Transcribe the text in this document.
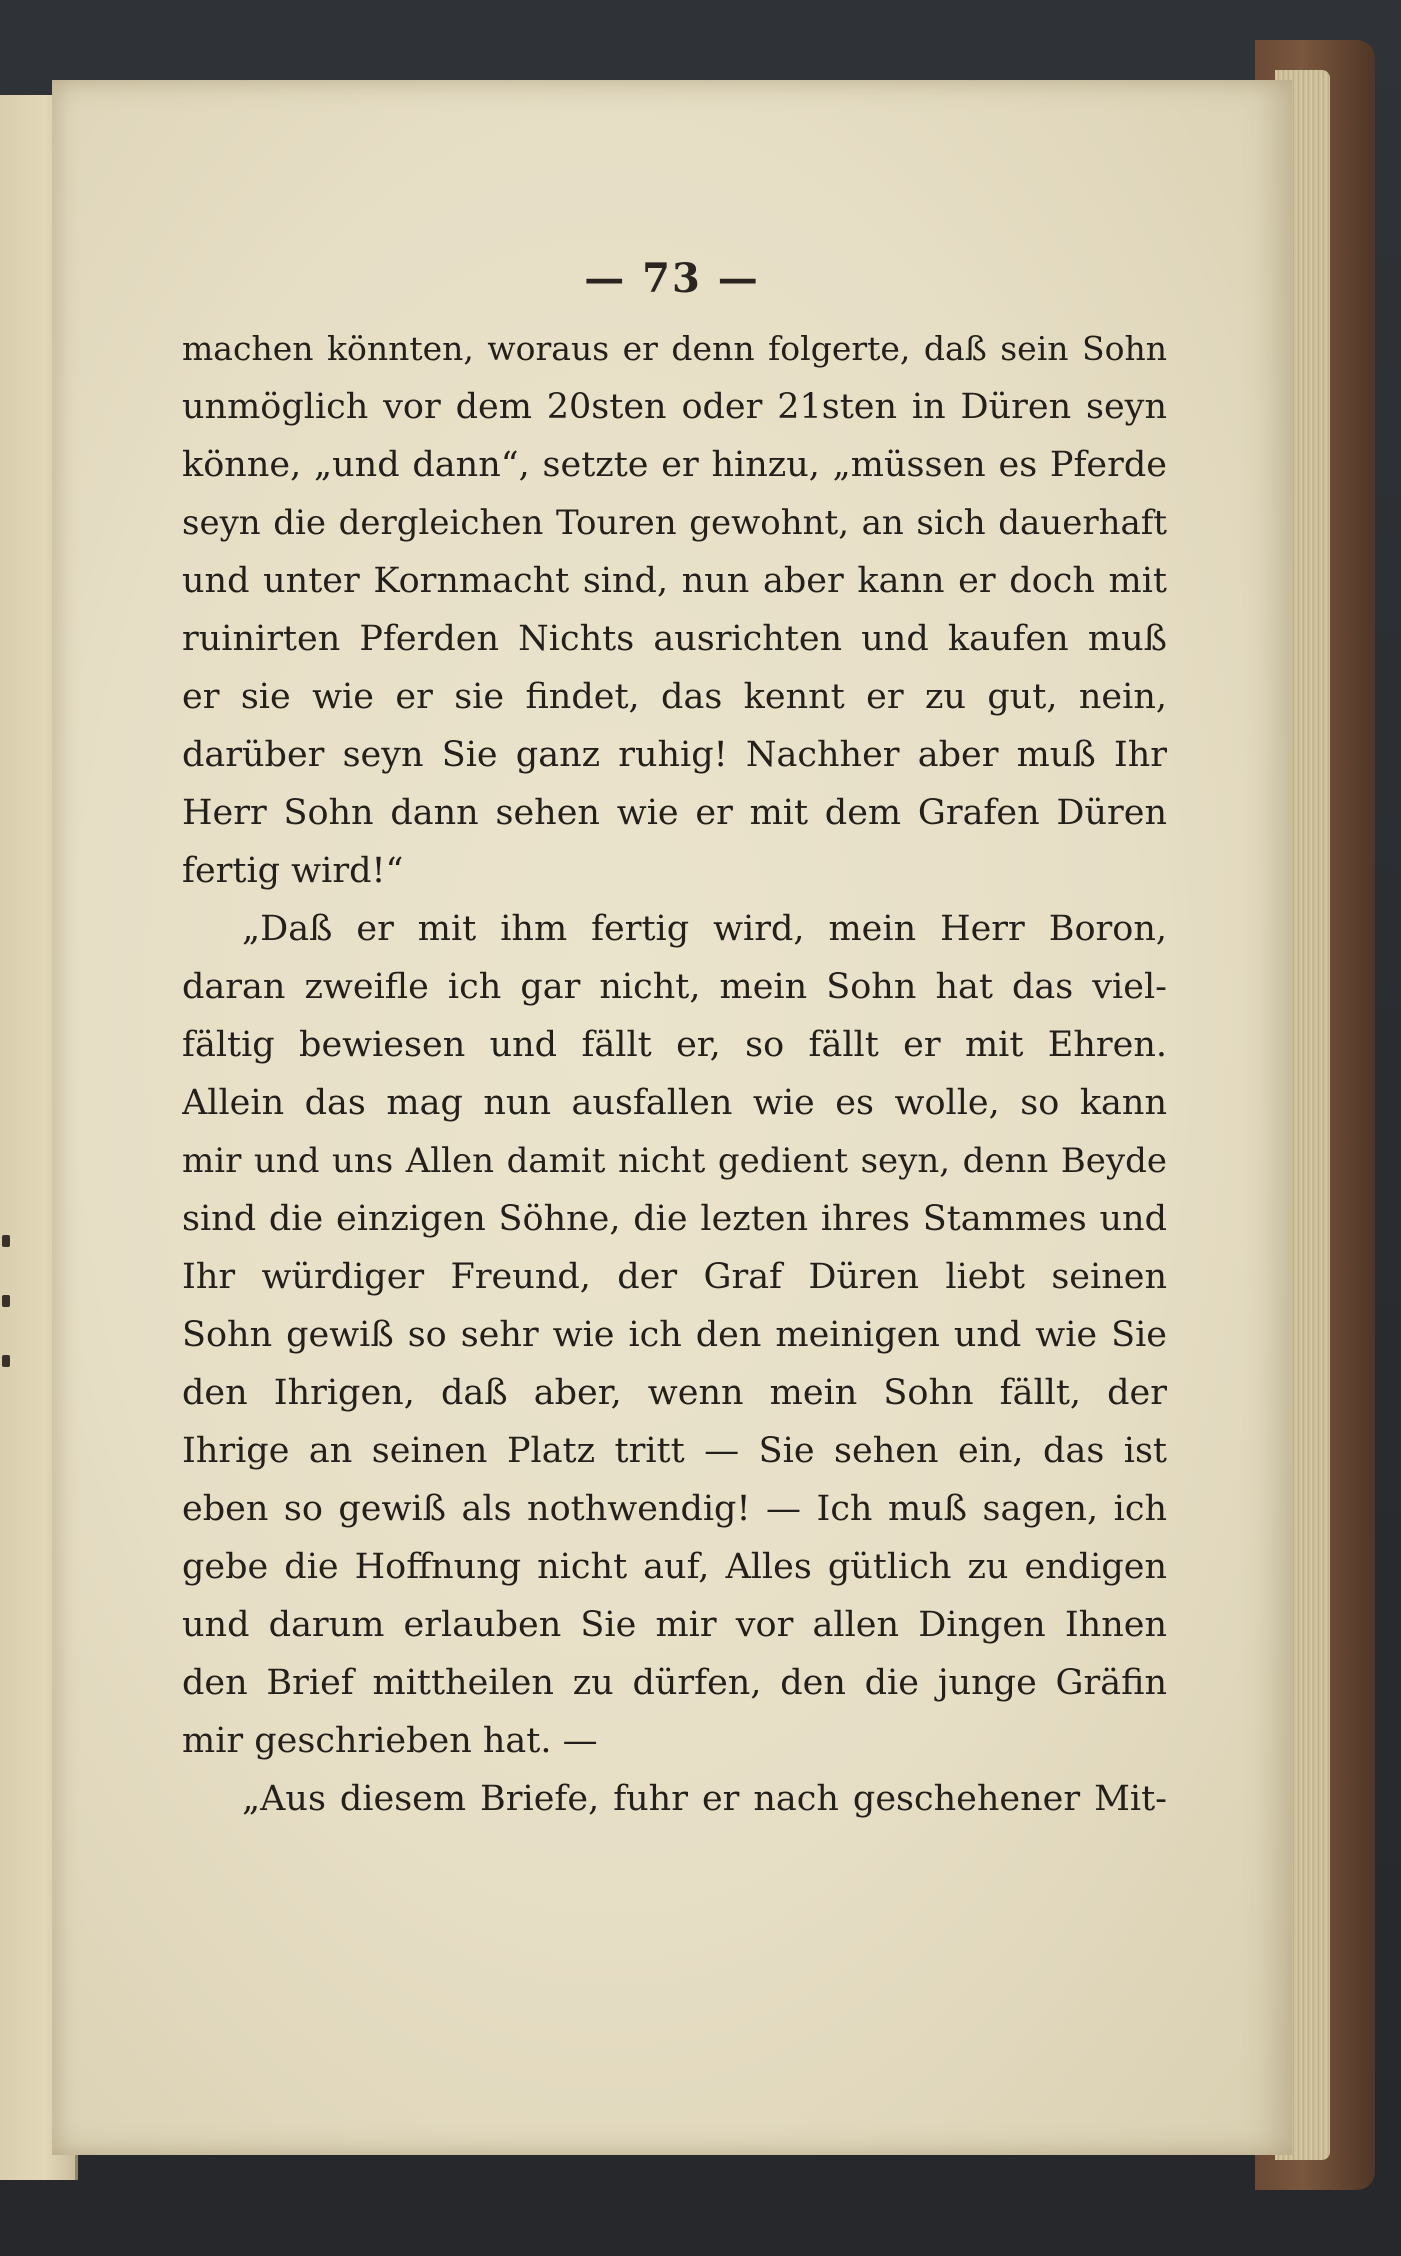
— 73 —
machen könnten, woraus er denn folgerte, daß sein Sohn
unmöglich vor dem 20sten oder 21sten in Düren seyn
könne, „und dann“, setzte er hinzu, „müssen es Pferde
seyn die dergleichen Touren gewohnt, an sich dauerhaft
und unter Kornmacht sind, nun aber kann er doch mit
ruinirten Pferden Nichts ausrichten und kaufen muß
er sie wie er sie findet, das kennt er zu gut, nein,
darüber seyn Sie ganz ruhig! Nachher aber muß Ihr
Herr Sohn dann sehen wie er mit dem Grafen Düren
fertig wird!“
„Daß er mit ihm fertig wird, mein Herr Boron,
daran zweifle ich gar nicht, mein Sohn hat das viel-
fältig bewiesen und fällt er, so fällt er mit Ehren.
Allein das mag nun ausfallen wie es wolle, so kann
mir und uns Allen damit nicht gedient seyn, denn Beyde
sind die einzigen Söhne, die lezten ihres Stammes und
Ihr würdiger Freund, der Graf Düren liebt seinen
Sohn gewiß so sehr wie ich den meinigen und wie Sie
den Ihrigen, daß aber, wenn mein Sohn fällt, der
Ihrige an seinen Platz tritt — Sie sehen ein, das ist
eben so gewiß als nothwendig! — Ich muß sagen, ich
gebe die Hoffnung nicht auf, Alles gütlich zu endigen
und darum erlauben Sie mir vor allen Dingen Ihnen
den Brief mittheilen zu dürfen, den die junge Gräfin
mir geschrieben hat. —
„Aus diesem Briefe, fuhr er nach geschehener Mit-
